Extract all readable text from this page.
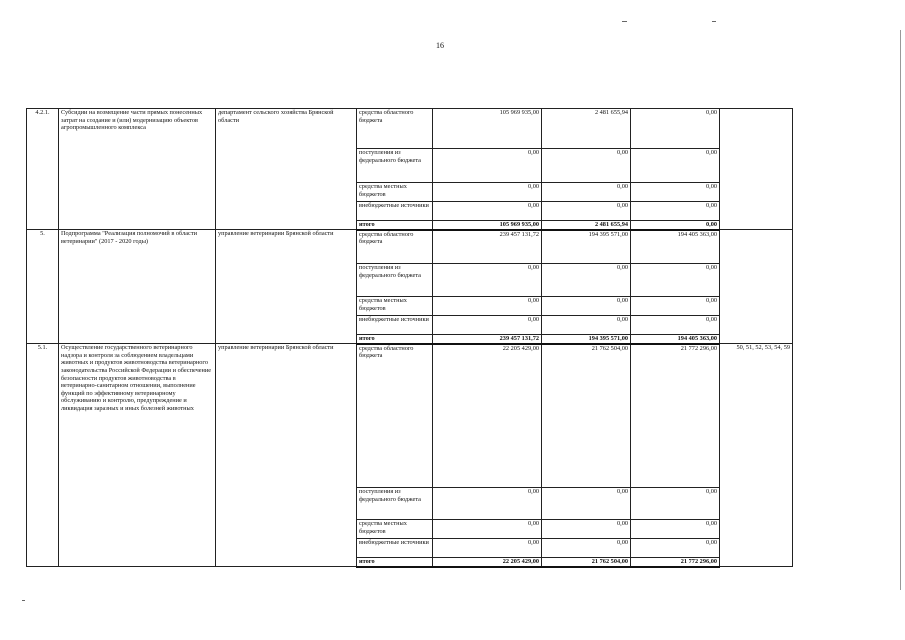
16
4.2.1.	Субсидии на возмещение части прямых понесенных затрат на создание и (или) модернизацию объектов агропромышленного комплекса	департамент сельского хозяйства Брянской области	средства областного бюджета	105 969 935,00	2 481 655,94	0,00	
			поступления из федерального бюджета	0,00	0,00	0,00	
			средства местных бюджетов	0,00	0,00	0,00	
			внебюджетные источники	0,00	0,00	0,00	
			итого	105 969 935,00	2 481 655,94	0,00	
5.	Подпрограмма "Реализация полномочий в области ветеринарии" (2017 - 2020 годы)	управление ветеринарии Брянской области	средства областного бюджета	239 457 131,72	194 395 571,00	194 405 363,00	
			поступления из федерального бюджета	0,00	0,00	0,00	
			средства местных бюджетов	0,00	0,00	0,00	
			внебюджетные источники	0,00	0,00	0,00	
			итого	239 457 131,72	194 395 571,00	194 405 363,00	
5.1.	Осуществление государственного ветеринарного надзора и контроля за соблюдением владельцами животных и продуктов животноводства ветеринарного законодательства Российской Федерации и обеспечение безопасности продуктов животноводства в ветеринарно-санитарном отношении, выполнение функций по эффективному ветеринарному обслуживанию и контролю, предупреждение и ликвидация заразных и иных болезней животных	управление ветеринарии Брянской области	средства областного бюджета	22 205 429,00	21 762 504,00	21 772 296,00	50, 51, 52, 53, 54, 59
			поступления из федерального бюджета	0,00	0,00	0,00	
			средства местных бюджетов	0,00	0,00	0,00	
			внебюджетные источники	0,00	0,00	0,00	
			итого	22 205 429,00	21 762 504,00	21 772 296,00	
